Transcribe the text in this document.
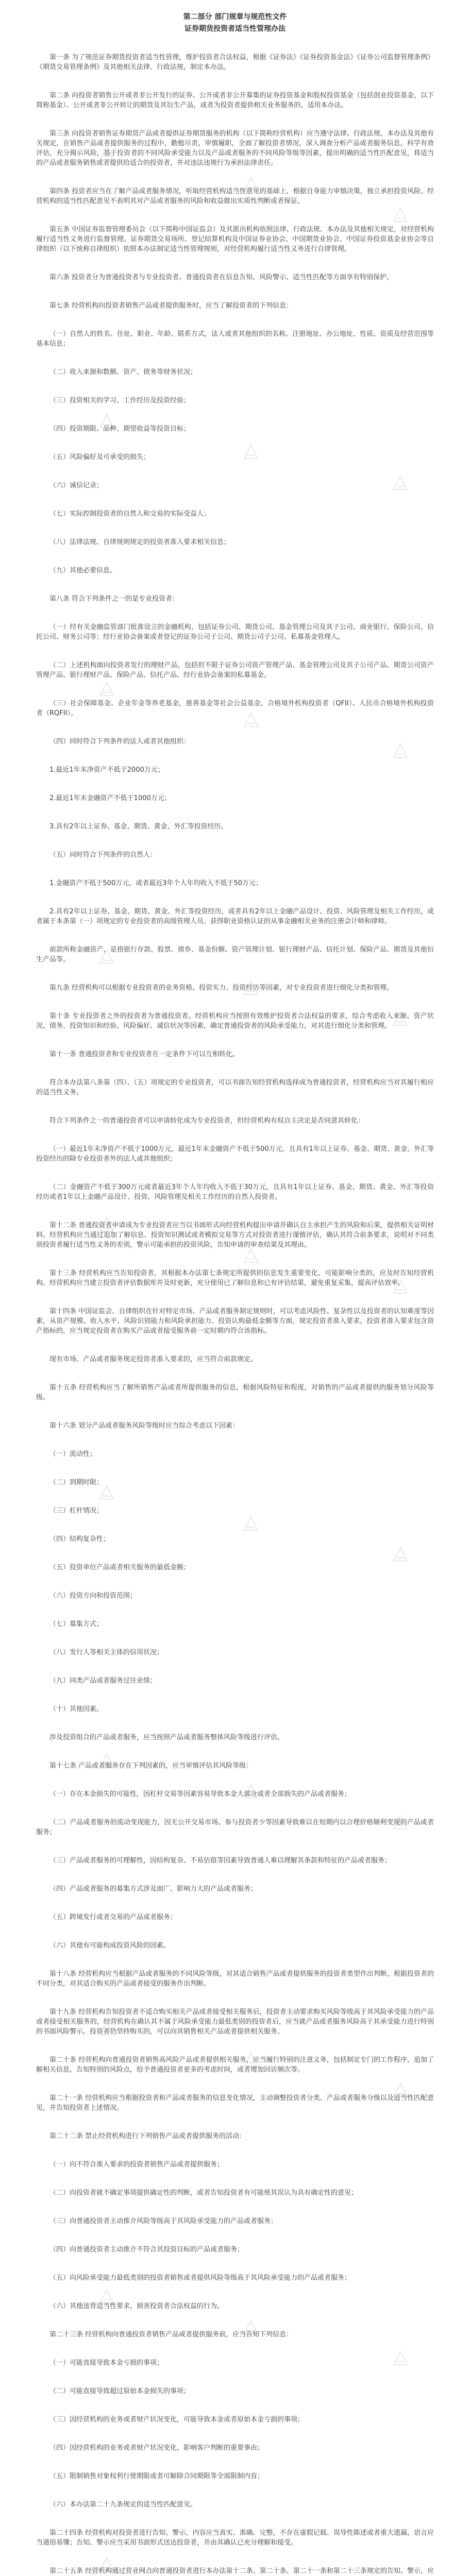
第二部分 部门规章与规范性文件
证券期货投资者适当性管理办法

第一条 为了规范证券期货投资者适当性管理，维护投资者合法权益，根据《证券法》《证券投资基金法》《证券公司监督管理条例》《期货交易管理条例》及其他相关法律、行政法规，制定本办法。

第二条 向投资者销售公开或者非公开发行的证券、公开或者非公开募集的证券投资基金和股权投资基金（包括创业投资基金，以下简称基金）、公开或者非公开转让的期货及其衍生产品，或者为投资者提供相关业务服务的，适用本办法。

第三条 向投资者销售证券期货产品或者提供证券期货服务的机构（以下简称经营机构）应当遵守法律、行政法规、本办法及其他有关规定，在销售产品或者提供服务的过程中，勤勉尽责，审慎履职，全面了解投资者情况，深入调查分析产品或者服务信息，科学有效评估，充分揭示风险，基于投资者的不同风险承受能力以及产品或者服务的不同风险等级等因素，提出明确的适当性匹配意见，将适当的产品或者服务销售或者提供给适合的投资者，并对违法违规行为承担法律责任。

第四条 投资者应当在了解产品或者服务情况，听取经营机构适当性意见的基础上，根据自身能力审慎决策，独立承担投资风险。经营机构的适当性匹配意见不表明其对产品或者服务的风险和收益做出实质性判断或者保证。

第五条 中国证券监督管理委员会（以下简称中国证监会）及其派出机构依照法律、行政法规、本办法及其他相关规定，对经营机构履行适当性义务进行监督管理。证券期货交易场所、登记结算机构及中国证券业协会、中国期货业协会、中国证券投资基金业协会等自律组织（以下统称自律组织）依照本办法制定适当性管理规则，对经营机构履行适当性义务进行自律管理。

第六条 投资者分为普通投资者与专业投资者。普通投资者在信息告知、风险警示、适当性匹配等方面享有特别保护。

第七条 经营机构向投资者销售产品或者提供服务时，应当了解投资者的下列信息：

（一）自然人的姓名、住址、职业、年龄、联系方式，法人或者其他组织的名称、注册地址、办公地址、性质、资质及经营范围等基本信息；

（二）收入来源和数额、资产、债务等财务状况；

（三）投资相关的学习、工作经历及投资经验；

（四）投资期限、品种、期望收益等投资目标；

（五）风险偏好及可承受的损失；

（六）诚信记录；

（七）实际控制投资者的自然人和交易的实际受益人；

（八）法律法规、自律规则规定的投资者准入要求相关信息；

（九）其他必要信息。

第八条 符合下列条件之一的是专业投资者：

（一）经有关金融监管部门批准设立的金融机构，包括证券公司、期货公司、基金管理公司及其子公司、商业银行、保险公司、信托公司、财务公司等；经行业协会备案或者登记的证券公司子公司、期货公司子公司、私募基金管理人。

（二）上述机构面向投资者发行的理财产品，包括但不限于证券公司资产管理产品、基金管理公司及其子公司产品、期货公司资产管理产品、银行理财产品、保险产品、信托产品、经行业协会备案的私募基金。

（三）社会保障基金、企业年金等养老基金，慈善基金等社会公益基金，合格境外机构投资者（QFII）、人民币合格境外机构投资者（RQFII）。

（四）同时符合下列条件的法人或者其他组织：

1.最近1年末净资产不低于2000万元；

2.最近1年末金融资产不低于1000万元；

3.具有2年以上证券、基金、期货、黄金、外汇等投资经历。

（五）同时符合下列条件的自然人：

1.金融资产不低于500万元，或者最近3年个人年均收入不低于50万元；

2.具有2年以上证券、基金、期货、黄金、外汇等投资经历，或者具有2年以上金融产品设计、投资、风险管理及相关工作经历，或者属于本条第（一）项规定的专业投资者的高级管理人员、获得职业资格认证的从事金融相关业务的注册会计师和律师。

前款所称金融资产，是指银行存款、股票、债券、基金份额、资产管理计划、银行理财产品、信托计划、保险产品、期货及其他衍生产品等。

第九条 经营机构可以根据专业投资者的业务资格、投资实力、投资经历等因素，对专业投资者进行细化分类和管理。

第十条 专业投资者之外的投资者为普通投资者。经营机构应当按照有效维护投资者合法权益的要求，综合考虑收入来源、资产状况、债务、投资知识和经验、风险偏好、诚信状况等因素，确定普通投资者的风险承受能力，对其进行细化分类和管理。

第十一条 普通投资者和专业投资者在一定条件下可以互相转化。

符合本办法第八条第（四）、（五）项规定的专业投资者，可以书面告知经营机构选择成为普通投资者，经营机构应当对其履行相应的适当性义务。

符合下列条件之一的普通投资者可以申请转化成为专业投资者，但经营机构有权自主决定是否同意其转化：

（一）最近1年末净资产不低于1000万元，最近1年末金融资产不低于500万元，且具有1年以上证券、基金、期货、黄金、外汇等投资经历的除专业投资者外的法人或其他组织；

（二）金融资产不低于300万元或者最近3年个人年均收入不低于30万元，且具有1年以上证券、基金、期货、黄金、外汇等投资经历或者1年以上金融产品设计、投资、风险管理及相关工作经历的自然人投资者。

第十二条 普通投资者申请成为专业投资者应当以书面形式向经营机构提出申请并确认自主承担产生的风险和后果，提供相关证明材料。经营机构应当通过追加了解信息、投资知识测试或者模拟交易等方式对投资者进行谨慎评估，确认其符合前条要求，说明对不同类别投资者履行适当性义务的差别，警示可能承担的投资风险，告知申请的审查结果及其理由。

第十三条 经营机构应当告知投资者，其根据本办法第七条规定所提供的信息发生重要变化、可能影响分类的，应及时告知经营机构。经营机构应当建立投资者评估数据库并及时更新，充分使用已了解信息和已有评估结果，避免重复采集，提高评估效率。

第十四条 中国证监会、自律组织在针对特定市场、产品或者服务制定规则时，可以考虑风险性、复杂性以及投资者的认知难度等因素，从资产规模、收入水平、风险识别能力和风险承担能力、投资认购最低金额等方面，规定投资者准入要求。投资者准入要求包含资产指标的，应当规定投资者在购买产品或者接受服务前一定时期内符合该指标。

现有市场、产品或者服务规定投资者准入要求的，应当符合前款规定。

第十五条 经营机构应当了解所销售产品或者所提供服务的信息，根据风险特征和程度，对销售的产品或者提供的服务划分风险等级。

第十六条 划分产品或者服务风险等级时应当综合考虑以下因素：

（一）流动性；

（二）到期时限；

（三）杠杆情况；

（四）结构复杂性；

（五）投资单位产品或者相关服务的最低金额；

（六）投资方向和投资范围；

（七）募集方式；

（八）发行人等相关主体的信用状况；

（九）同类产品或者服务过往业绩；

（十）其他因素。

涉及投资组合的产品或者服务，应当按照产品或者服务整体风险等级进行评估。

第十七条 产品或者服务存在下列因素的，应当审慎评估其风险等级：

（一）存在本金损失的可能性，因杠杆交易等因素容易导致本金大部分或者全部损失的产品或者服务；

（二）产品或者服务的流动变现能力，因无公开交易市场、参与投资者少等因素导致难以在短期内以合理价格顺利变现的产品或者服务；

（三）产品或者服务的可理解性，因结构复杂、不易估值等因素导致普通人难以理解其条款和特征的产品或者服务；

（四）产品或者服务的募集方式涉及面广、影响力大的产品或者服务；

（五）跨境发行或者交易的产品或者服务；

（六）其他有可能构成投资风险的因素。

第十八条 经营机构应当根据产品或者服务的不同风险等级，对其适合销售产品或者提供服务的投资者类型作出判断，根据投资者的不同分类，对其适合购买的产品或者接受的服务作出判断。

第十九条 经营机构告知投资者不适合购买相关产品或者接受相关服务后，投资者主动要求购买风险等级高于其风险承受能力的产品或者接受相关服务的，经营机构在确认其不属于风险承受能力最低类别的投资者后，应当就产品或者服务风险高于其承受能力进行特别的书面风险警示，投资者仍坚持购买的，可以向其销售相关产品或者提供相关服务。

第二十条 经营机构向普通投资者销售高风险产品或者提供相关服务，应当履行特别的注意义务，包括制定专门的工作程序，追加了解相关信息，告知特别的风险点，给予普通投资者更多的考虑时间，或者增加回访频次等。

第二十一条 经营机构应当根据投资者和产品或者服务的信息变化情况，主动调整投资者分类、产品或者服务分级以及适当性匹配意见，并告知投资者上述情况。

第二十二条 禁止经营机构进行下列销售产品或者提供服务的活动：

（一）向不符合准入要求的投资者销售产品或者提供服务；

（二）向投资者就不确定事项提供确定性的判断，或者告知投资者有可能使其误认为具有确定性的意见；

（三）向普通投资者主动推介风险等级高于其风险承受能力的产品或者服务；

（四）向普通投资者主动推介不符合其投资目标的产品或者服务；

（五）向风险承受能力最低类别的投资者销售或者提供风险等级高于其风险承受能力的产品或者服务；

（六）其他违背适当性要求，损害投资者合法权益的行为。

第二十三条 经营机构向普通投资者销售产品或者提供服务前，应当告知下列信息：

（一）可能直接导致本金亏损的事项；

（二）可能直接导致超过原始本金损失的事项；

（三）因经营机构的业务或者财产状况变化，可能导致本金或者原始本金亏损的事项；

（四）因经营机构的业务或者财产状况变化，影响客户判断的重要事由；

（五）限制销售对象权利行使期限或者可解除合同期限等全部限制内容；

（六）本办法第二十九条规定的适当性匹配意见。

第二十四条 经营机构对投资者进行告知、警示，内容应当真实、准确、完整，不存在虚假记载、误导性陈述或者重大遗漏，语言应当通俗易懂；告知、警示应当采用书面形式送达投资者，并由其确认已充分理解和接受。

第二十五条 经营机构通过营业网点向普通投资者进行本办法第十二条、第二十条、第二十一条和第二十三条规定的告知、警示，应
